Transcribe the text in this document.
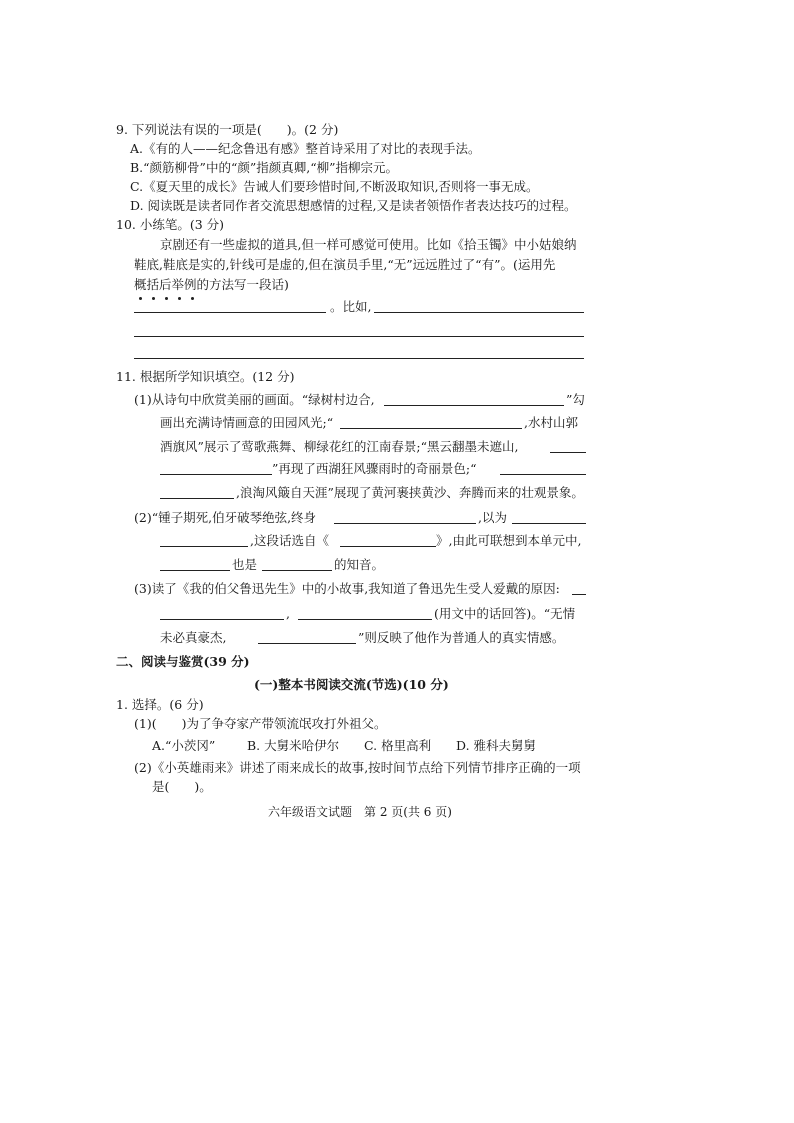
9. 下列说法有误的一项是(　　)。(2 分)
A.《有的人——纪念鲁迅有感》整首诗采用了对比的表现手法。
B.“颜筋柳骨”中的“颜”指颜真卿,“柳”指柳宗元。
C.《夏天里的成长》告诫人们要珍惜时间,不断汲取知识,否则将一事无成。
D. 阅读既是读者同作者交流思想感情的过程,又是读者领悟作者表达技巧的过程。
10. 小练笔。(3 分)
京剧还有一些虚拟的道具,但一样可感觉可使用。比如《拾玉镯》中小姑娘纳
鞋底,鞋底是实的,针线可是虚的,但在演员手里,“无”远远胜过了“有”。(运用先
概括后举例的方法写一段话)
。比如,
11. 根据所学知识填空。(12 分)
(1)从诗句中欣赏美丽的画面。“绿树村边合,	”勾
画出充满诗情画意的田园风光;“	,水村山郭
酒旗风”展示了莺歌燕舞、柳绿花红的江南春景;“黑云翻墨未遮山,
”再现了西湖狂风骤雨时的奇丽景色;“
,浪淘风簸自天涯”展现了黄河裹挟黄沙、奔腾而来的壮观景象。
(2)“锺子期死,伯牙破琴绝弦,终身	,以为
,这段话选自《	》,由此可联想到本单元中,
也是	的知音。
(3)读了《我的伯父鲁迅先生》中的小故事,我知道了鲁迅先生受人爱戴的原因:
,	(用文中的话回答)。“无情
未必真豪杰,	”则反映了他作为普通人的真实情感。
二、阅读与鉴赏(39 分)
(一)整本书阅读交流(节选)(10 分)
1. 选择。(6 分)
(1)(　　)为了争夺家产带领流氓攻打外祖父。
A.“小茨冈”	B. 大舅米哈伊尔 C. 格里高利 D. 雅科夫舅舅
(2)《小英雄雨来》讲述了雨来成长的故事,按时间节点给下列情节排序正确的一项
是(　　)。
六年级语文试题　第 2 页(共 6 页)
